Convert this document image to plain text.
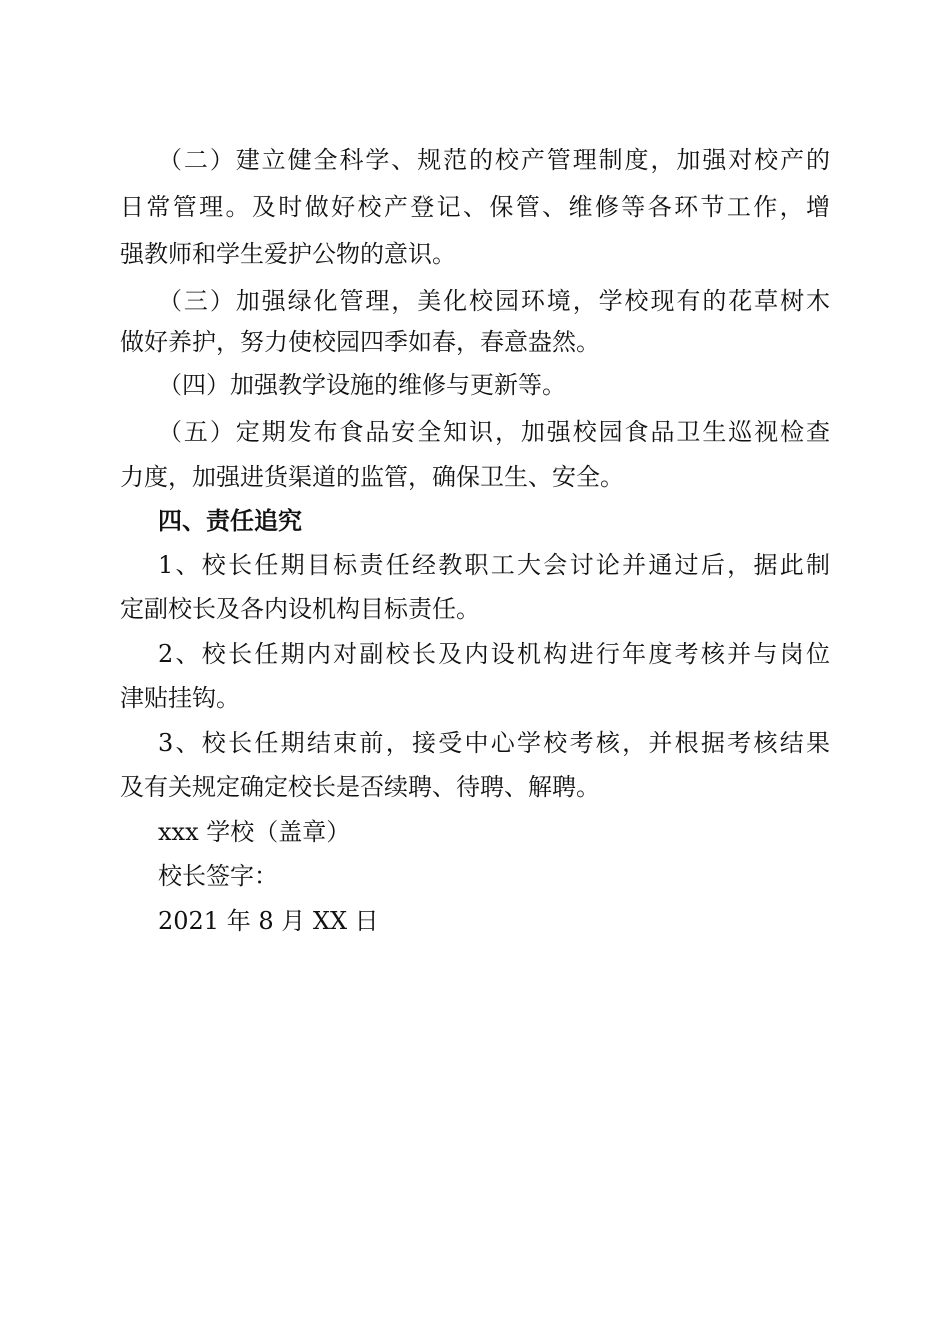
（二）建立健全科学、规范的校产管理制度，加强对校产的
日常管理。及时做好校产登记、保管、维修等各环节工作，增
强教师和学生爱护公物的意识。
（三）加强绿化管理，美化校园环境，学校现有的花草树木
做好养护，努力使校园四季如春，春意盎然。
（四）加强教学设施的维修与更新等。
（五）定期发布食品安全知识，加强校园食品卫生巡视检查
力度，加强进货渠道的监管，确保卫生、安全。
四、责任追究
1、校长任期目标责任经教职工大会讨论并通过后，据此制
定副校长及各内设机构目标责任。
2、校长任期内对副校长及内设机构进行年度考核并与岗位
津贴挂钩。
3、校长任期结束前，接受中心学校考核，并根据考核结果
及有关规定确定校长是否续聘、待聘、解聘。
xxx 学校（盖章）
校长签字：
2021 年 8 月 XX 日
